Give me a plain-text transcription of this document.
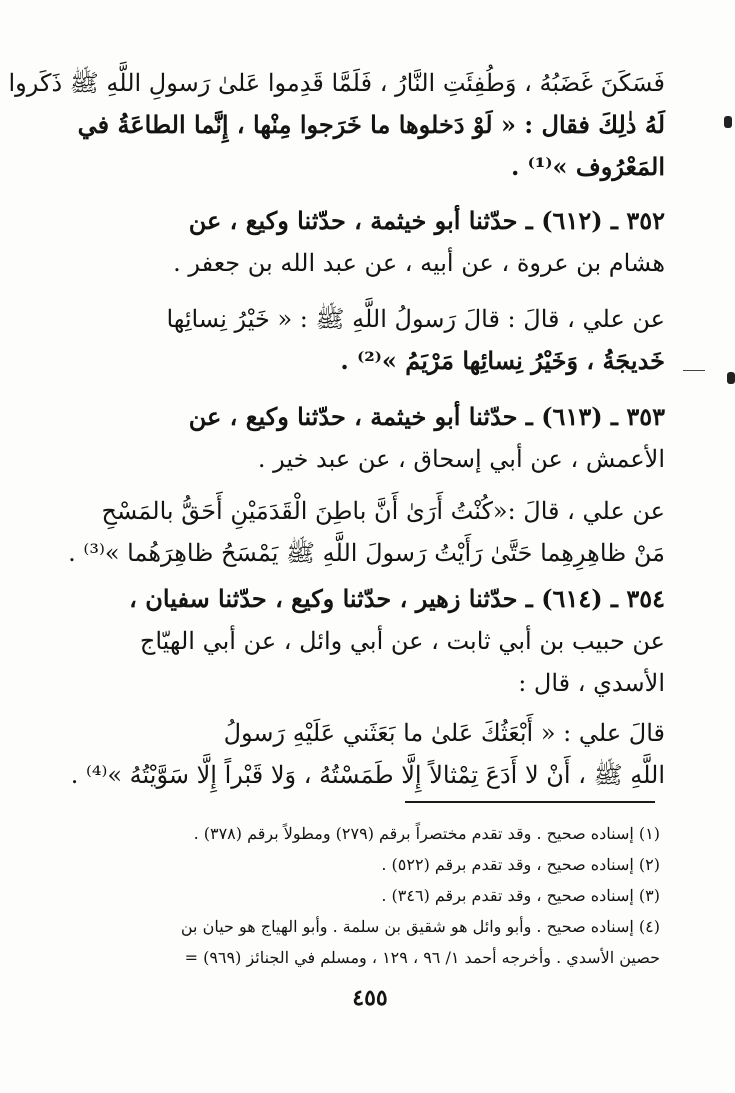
فَسَكَنَ غَضَبُهُ ، وَطُفِئَتِ النَّارُ ، فَلَمَّا قَدِموا عَلىٰ رَسولِ اللَّهِ ﷺ ذَكَروا
لَهُ ذٰلِكَ فقال : « لَوْ دَخلوها ما خَرَجوا مِنْها ، إِنَّما الطاعَةُ في
المَعْرُوف »⁽¹⁾ .
٣٥٢ ـ (٦١٢) ـ حدّثنا أبو خيثمة ، حدّثنا وكيع ، عن
هشام بن عروة ، عن أبيه ، عن عبد الله بن جعفر .
عن علي ، قالَ : قالَ رَسولُ اللَّهِ ﷺ : « خَيْرُ نِسائِها
خَديجَةُ ، وَخَيْرُ نِسائِها مَرْيَمُ »⁽²⁾ .
٣٥٣ ـ (٦١٣) ـ حدّثنا أبو خيثمة ، حدّثنا وكيع ، عن
الأعمش ، عن أبي إسحاق ، عن عبد خير .
عن علي ، قالَ :«كُنْتُ أَرَىٰ أَنَّ باطِنَ الْقَدَمَيْنِ أَحَقُّ بالمَسْحِ
مَنْ ظاهِرِهِما حَتَّىٰ رَأَيْتُ رَسولَ اللَّهِ ﷺ يَمْسَحُ ظاهِرَهُما »⁽³⁾ .
٣٥٤ ـ (٦١٤) ـ حدّثنا زهير ، حدّثنا وكيع ، حدّثنا سفيان ،
عن حبيب بن أبي ثابت ، عن أبي وائل ، عن أبي الهيّاج
الأسدي ، قال :
قالَ علي : « أَبْعَثُكَ عَلىٰ ما بَعَثَني عَلَيْهِ رَسولُ
اللَّهِ ﷺ ، أَنْ لا أَدَعَ تِمْثالاً إِلَّا طَمَسْتُهُ ، وَلا قَبْراً إِلَّا سَوَّيْتُهُ »⁽⁴⁾ .
(١) إسناده صحيح . وقد تقدم مختصراً برقم (٢٧٩) ومطولاً برقم (٣٧٨) .
(٢) إسناده صحيح ، وقد تقدم برقم (٥٢٢) .
(٣) إسناده صحيح ، وقد تقدم برقم (٣٤٦) .
(٤) إسناده صحيح . وأبو وائل هو شقيق بن سلمة . وأبو الهياج هو حيان بن
حصين الأسدي . وأخرجه أحمد ١/ ٩٦ ، ١٢٩ ، ومسلم في الجنائز (٩٦٩) =
٤٥٥
